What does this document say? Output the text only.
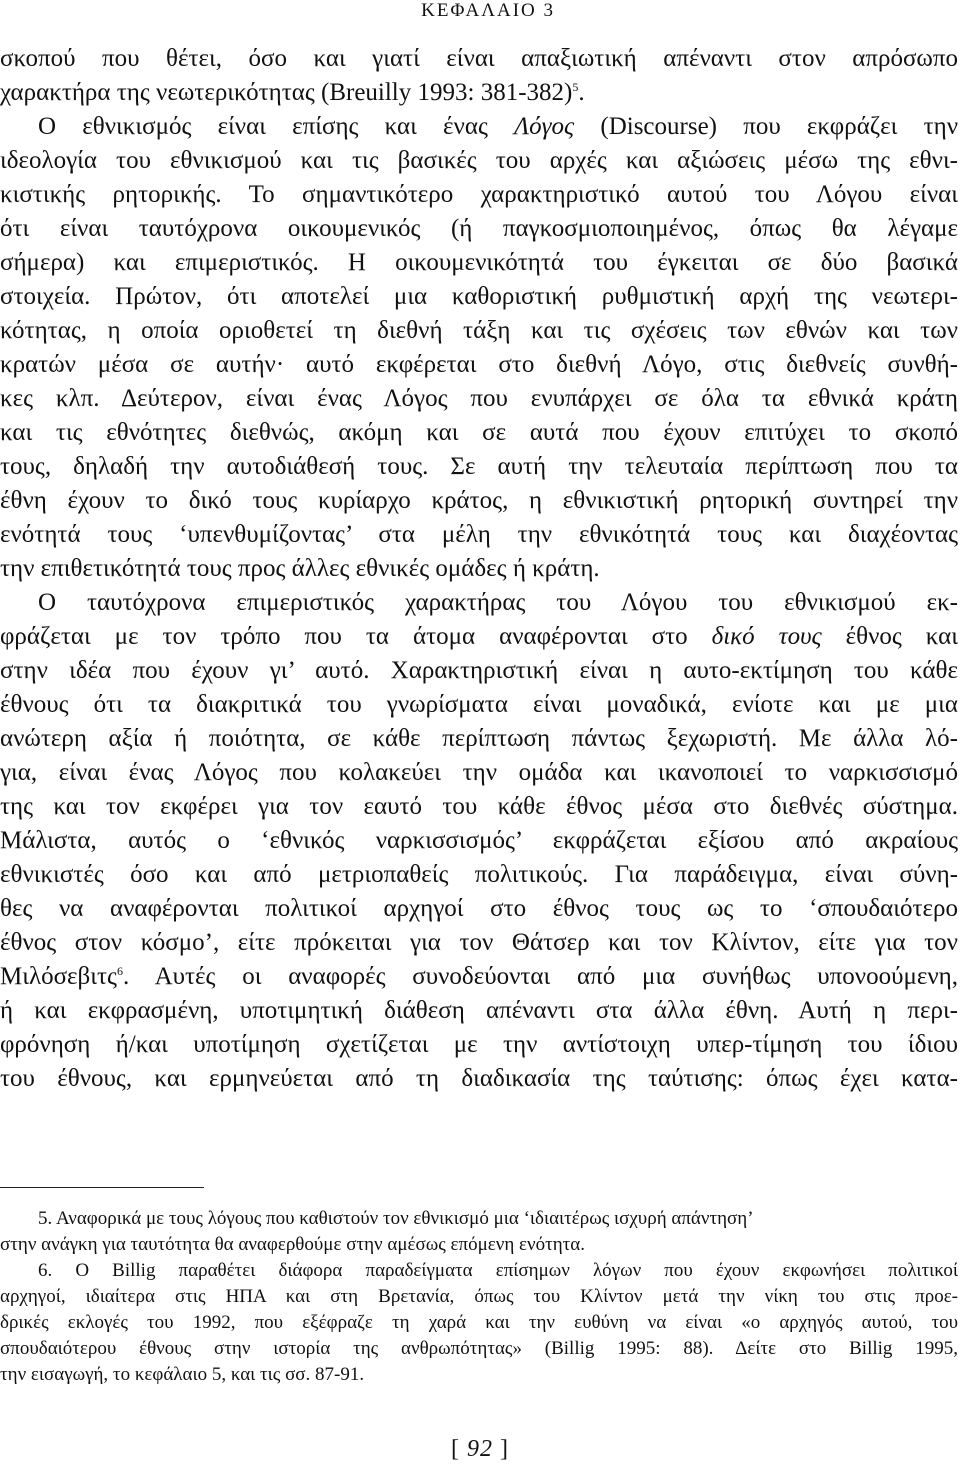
ΚΕΦΑΛΑΙΟ 3
σκοπού που θέτει, όσο και γιατί είναι απαξιωτική απέναντι στον απρόσωπο
χαρακτήρα της νεωτερικότητας (Breuilly 1993: 381-382)$^5$.
Ο εθνικισμός είναι επίσης και ένας Λόγος (Discourse) που εκφράζει την
ιδεολογία του εθνικισμού και τις βασικές του αρχές και αξιώσεις μέσω της εθνι-
κιστικής ρητορικής. Το σημαντικότερο χαρακτηριστικό αυτού του Λόγου είναι
ότι είναι ταυτόχρονα οικουμενικός (ή παγκοσμιοποιημένος, όπως θα λέγαμε
σήμερα) και επιμεριστικός. Η οικουμενικότητά του έγκειται σε δύο βασικά
στοιχεία. Πρώτον, ότι αποτελεί μια καθοριστική ρυθμιστική αρχή της νεωτερι-
κότητας, η οποία οριοθετεί τη διεθνή τάξη και τις σχέσεις των εθνών και των
κρατών μέσα σε αυτήν· αυτό εκφέρεται στο διεθνή Λόγο, στις διεθνείς συνθή-
κες κλπ. Δεύτερον, είναι ένας Λόγος που ενυπάρχει σε όλα τα εθνικά κράτη
και τις εθνότητες διεθνώς, ακόμη και σε αυτά που έχουν επιτύχει το σκοπό
τους, δηλαδή την αυτοδιάθεσή τους. Σε αυτή την τελευταία περίπτωση που τα
έθνη έχουν το δικό τους κυρίαρχο κράτος, η εθνικιστική ρητορική συντηρεί την
ενότητά τους ‘υπενθυμίζοντας’ στα μέλη την εθνικότητά τους και διαχέοντας
την επιθετικότητά τους προς άλλες εθνικές ομάδες ή κράτη.
Ο ταυτόχρονα επιμεριστικός χαρακτήρας του Λόγου του εθνικισμού εκ-
φράζεται με τον τρόπο που τα άτομα αναφέρονται στο δικό τους έθνος και
στην ιδέα που έχουν γι’ αυτό. Χαρακτηριστική είναι η αυτο-εκτίμηση του κάθε
έθνους ότι τα διακριτικά του γνωρίσματα είναι μοναδικά, ενίοτε και με μια
ανώτερη αξία ή ποιότητα, σε κάθε περίπτωση πάντως ξεχωριστή. Με άλλα λό-
για, είναι ένας Λόγος που κολακεύει την ομάδα και ικανοποιεί το ναρκισσισμό
της και τον εκφέρει για τον εαυτό του κάθε έθνος μέσα στο διεθνές σύστημα.
Μάλιστα, αυτός ο ‘εθνικός ναρκισσισμός’ εκφράζεται εξίσου από ακραίους
εθνικιστές όσο και από μετριοπαθείς πολιτικούς. Για παράδειγμα, είναι σύνη-
θες να αναφέρονται πολιτικοί αρχηγοί στο έθνος τους ως το ‘σπουδαιότερο
έθνος στον κόσμο’, είτε πρόκειται για τον Θάτσερ και τον Κλίντον, είτε για τον
Μιλόσεβιτς$^6$. Αυτές οι αναφορές συνοδεύονται από μια συνήθως υπονοούμενη,
ή και εκφρασμένη, υποτιμητική διάθεση απέναντι στα άλλα έθνη. Αυτή η περι-
φρόνηση ή/και υποτίμηση σχετίζεται με την αντίστοιχη υπερ-τίμηση του ίδιου
του έθνους, και ερμηνεύεται από τη διαδικασία της ταύτισης: όπως έχει κατα-
5. Αναφορικά με τους λόγους που καθιστούν τον εθνικισμό μια ‘ιδιαιτέρως ισχυρή απάντηση’
στην ανάγκη για ταυτότητα θα αναφερθούμε στην αμέσως επόμενη ενότητα.
6. Ο Billig παραθέτει διάφορα παραδείγματα επίσημων λόγων που έχουν εκφωνήσει πολιτικοί
αρχηγοί, ιδιαίτερα στις ΗΠΑ και στη Βρετανία, όπως του Κλίντον μετά την νίκη του στις προε-
δρικές εκλογές του 1992, που εξέφραζε τη χαρά και την ευθύνη να είναι «ο αρχηγός αυτού, του
σπουδαιότερου έθνους στην ιστορία της ανθρωπότητας» (Billig 1995: 88). Δείτε στο Billig 1995,
την εισαγωγή, το κεφάλαιο 5, και τις σσ. 87-91.
[ 92 ]
